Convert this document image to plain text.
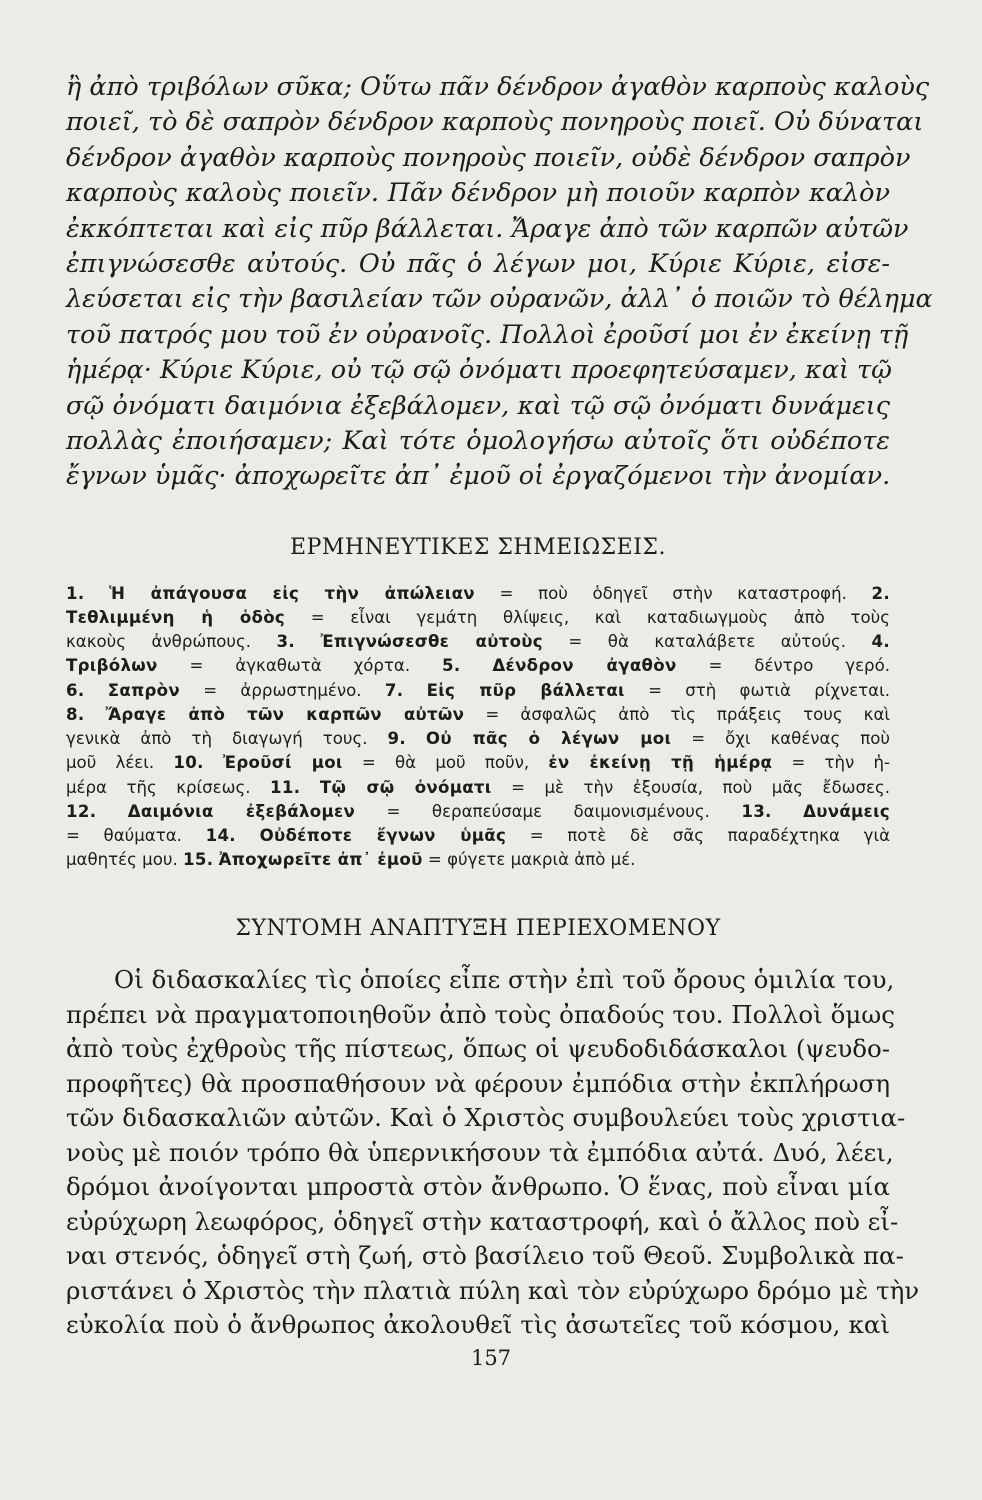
ἢ ἀπὸ τριβόλων σῦκα; Οὕτω πᾶν δένδρον ἀγαθὸν καρποὺς καλοὺς
ποιεῖ, τὸ δὲ σαπρὸν δένδρον καρποὺς πονηροὺς ποιεῖ. Οὐ δύναται
δένδρον ἀγαθὸν καρποὺς πονηροὺς ποιεῖν, οὐδὲ δένδρον σαπρὸν
καρποὺς καλοὺς ποιεῖν. Πᾶν δένδρον μὴ ποιοῦν καρπὸν καλὸν
ἐκκόπτεται καὶ εἰς πῦρ βάλλεται. Ἄραγε ἀπὸ τῶν καρπῶν αὐτῶν
ἐπιγνώσεσθε αὐτούς. Οὐ πᾶς ὁ λέγων μοι, Κύριε Κύριε, εἰσε-
λεύσεται εἰς τὴν βασιλείαν τῶν οὐρανῶν, ἀλλ᾽ ὁ ποιῶν τὸ θέλημα
τοῦ πατρός μου τοῦ ἐν οὐρανοῖς. Πολλοὶ ἐροῦσί μοι ἐν ἐκείνῃ τῇ
ἡμέρᾳ· Κύριε Κύριε, οὐ τῷ σῷ ὀνόματι προεφητεύσαμεν, καὶ τῷ
σῷ ὀνόματι δαιμόνια ἐξεβάλομεν, καὶ τῷ σῷ ὀνόματι δυνάμεις
πολλὰς ἐποιήσαμεν; Καὶ τότε ὁμολογήσω αὐτοῖς ὅτι οὐδέποτε
ἔγνων ὑμᾶς· ἀποχωρεῖτε ἀπ᾽ ἐμοῦ οἱ ἐργαζόμενοι τὴν ἀνομίαν.
ΕΡΜΗΝΕΥΤΙΚΕΣ ΣΗΜΕΙΩΣΕΙΣ.
1. Ἡ ἀπάγουσα εἰς τὴν ἀπώλειαν = ποὺ ὁδηγεῖ στὴν καταστροφή. 2.
Τεθλιμμένη ἡ ὁδὸς = εἶναι γεμάτη θλίψεις, καὶ καταδιωγμοὺς ἀπὸ τοὺς
κακοὺς ἀνθρώπους. 3. Ἐπιγνώσεσθε αὐτοὺς = θὰ καταλάβετε αὐτούς. 4.
Τριβόλων = ἀγκαθωτὰ χόρτα. 5. Δένδρον ἀγαθὸν = δέντρο γερό.
6. Σαπρὸν = ἀρρωστημένο. 7. Εἰς πῦρ βάλλεται = στὴ φωτιὰ ρίχνεται.
8. Ἄραγε ἀπὸ τῶν καρπῶν αὐτῶν = ἀσφαλῶς ἀπὸ τὶς πράξεις τους καὶ
γενικὰ ἀπὸ τὴ διαγωγή τους. 9. Οὐ πᾶς ὁ λέγων μοι = ὄχι καθένας ποὺ
μοῦ λέει. 10. Ἐροῦσί μοι = θὰ μοῦ ποῦν, ἐν ἐκείνῃ τῇ ἡμέρᾳ = τὴν ἡ-
μέρα τῆς κρίσεως. 11. Τῷ σῷ ὀνόματι = μὲ τὴν ἐξουσία, ποὺ μᾶς ἔδωσες.
12. Δαιμόνια ἐξεβάλομεν = θεραπεύσαμε δαιμονισμένους. 13. Δυνάμεις
= θαύματα. 14. Οὐδέποτε ἔγνων ὑμᾶς = ποτὲ δὲ σᾶς παραδέχτηκα γιὰ
μαθητές μου. 15. Ἀποχωρεῖτε ἀπ᾽ ἐμοῦ = φύγετε μακριὰ ἀπὸ μέ.
ΣΥΝΤΟΜΗ ΑΝΑΠΤΥΞΗ ΠΕΡΙΕΧΟΜΕΝΟΥ
Οἱ διδασκαλίες τὶς ὁποίες εἶπε στὴν ἐπὶ τοῦ ὄρους ὁμιλία του,
πρέπει νὰ πραγματοποιηθοῦν ἀπὸ τοὺς ὀπαδούς του. Πολλοὶ ὅμως
ἀπὸ τοὺς ἐχθροὺς τῆς πίστεως, ὅπως οἱ ψευδοδιδάσκαλοι (ψευδο-
προφῆτες) θὰ προσπαθήσουν νὰ φέρουν ἐμπόδια στὴν ἐκπλήρωση
τῶν διδασκαλιῶν αὐτῶν. Καὶ ὁ Χριστὸς συμβουλεύει τοὺς χριστια-
νοὺς μὲ ποιόν τρόπο θὰ ὑπερνικήσουν τὰ ἐμπόδια αὐτά. Δυό, λέει,
δρόμοι ἀνοίγονται μπροστὰ στὸν ἄνθρωπο. Ὁ ἕνας, ποὺ εἶναι μία
εὐρύχωρη λεωφόρος, ὁδηγεῖ στὴν καταστροφή, καὶ ὁ ἄλλος ποὺ εἶ-
ναι στενός, ὁδηγεῖ στὴ ζωή, στὸ βασίλειο τοῦ Θεοῦ. Συμβολικὰ πα-
ριστάνει ὁ Χριστὸς τὴν πλατιὰ πύλη καὶ τὸν εὐρύχωρο δρόμο μὲ τὴν
εὐκολία ποὺ ὁ ἄνθρωπος ἀκολουθεῖ τὶς ἀσωτεῖες τοῦ κόσμου, καὶ
157
